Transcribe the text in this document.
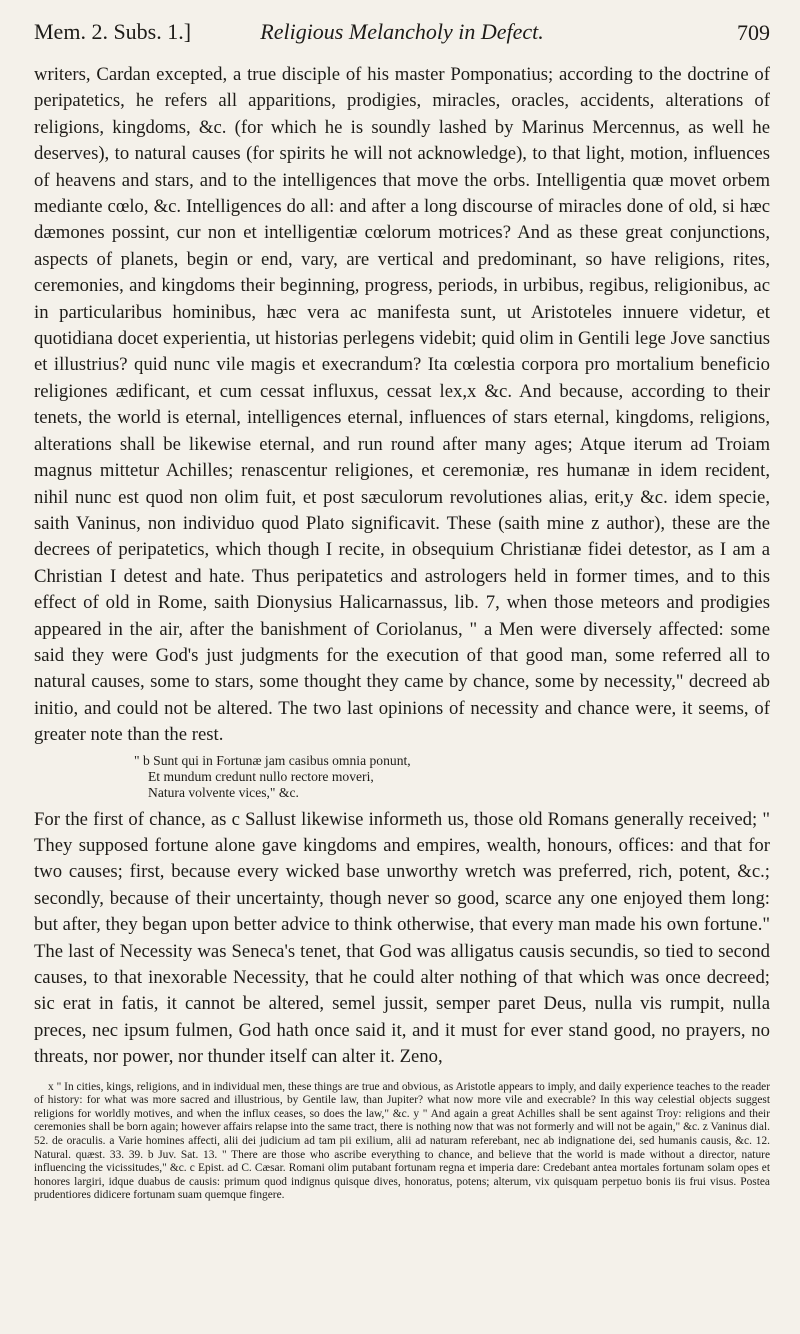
Mem. 2. Subs. 1.]	Religious Melancholy in Defect.	709

writers, Cardan excepted, a true disciple of his master Pomponatius; according to the doctrine of peripatetics, he refers all apparitions, prodigies, miracles, oracles, accidents, alterations of religions, kingdoms, &c. (for which he is soundly lashed by Marinus Mercennus, as well he deserves), to natural causes (for spirits he will not acknowledge), to that light, motion, influences of heavens and stars, and to the intelligences that move the orbs. Intelligentia quæ movet orbem mediante cœlo, &c. Intelligences do all: and after a long discourse of miracles done of old, si hæc dæmones possint, cur non et intelligentiæ cœlorum motrices? And as these great conjunctions, aspects of planets, begin or end, vary, are vertical and predominant, so have religions, rites, ceremonies, and kingdoms their beginning, progress, periods, in urbibus, regibus, religionibus, ac in particularibus hominibus, hæc vera ac manifesta sunt, ut Aristoteles innuere videtur, et quotidiana docet experientia, ut historias perlegens videbit; quid olim in Gentili lege Jove sanctius et illustrius? quid nunc vile magis et execrandum? Ita cœlestia corpora pro mortalium beneficio religiones ædificant, et cum cessat influxus, cessat lex,x &c. And because, according to their tenets, the world is eternal, intelligences eternal, influences of stars eternal, kingdoms, religions, alterations shall be likewise eternal, and run round after many ages; Atque iterum ad Troiam magnus mittetur Achilles; renascentur religiones, et ceremoniæ, res humanæ in idem recident, nihil nunc est quod non olim fuit, et post sæculorum revolutiones alias, erit,y &c. idem specie, saith Vaninus, non individuo quod Plato significavit. These (saith mine z author), these are the decrees of peripatetics, which though I recite, in obsequium Christianæ fidei detestor, as I am a Christian I detest and hate. Thus peripatetics and astrologers held in former times, and to this effect of old in Rome, saith Dionysius Halicarnassus, lib. 7, when those meteors and prodigies appeared in the air, after the banishment of Coriolanus, " a Men were diversely affected: some said they were God's just judgments for the execution of that good man, some referred all to natural causes, some to stars, some thought they came by chance, some by necessity," decreed ab initio, and could not be altered. The two last opinions of necessity and chance were, it seems, of greater note than the rest.

" b Sunt qui in Fortunæ jam casibus omnia ponunt,
Et mundum credunt nullo rectore moveri,
Natura volvente vices," &c.

For the first of chance, as c Sallust likewise informeth us, those old Romans generally received; " They supposed fortune alone gave kingdoms and empires, wealth, honours, offices: and that for two causes; first, because every wicked base unworthy wretch was preferred, rich, potent, &c.; secondly, because of their uncertainty, though never so good, scarce any one enjoyed them long: but after, they began upon better advice to think otherwise, that every man made his own fortune." The last of Necessity was Seneca's tenet, that God was alligatus causis secundis, so tied to second causes, to that inexorable Necessity, that he could alter nothing of that which was once decreed; sic erat in fatis, it cannot be altered, semel jussit, semper paret Deus, nulla vis rumpit, nulla preces, nec ipsum fulmen, God hath once said it, and it must for ever stand good, no prayers, no threats, nor power, nor thunder itself can alter it. Zeno,

x " In cities, kings, religions, and in individual men, these things are true and obvious, as Aristotle appears to imply, and daily experience teaches to the reader of history: for what was more sacred and illustrious, by Gentile law, than Jupiter? what now more vile and execrable? In this way celestial objects suggest religions for worldly motives, and when the influx ceases, so does the law," &c. y " And again a great Achilles shall be sent against Troy: religions and their ceremonies shall be born again; however affairs relapse into the same tract, there is nothing now that was not formerly and will not be again," &c. z Vaninus dial. 52. de oraculis. a Varie homines affecti, alii dei judicium ad tam pii exilium, alii ad naturam referebant, nec ab indignatione dei, sed humanis causis, &c. 12. Natural. quæst. 33. 39. b Juv. Sat. 13. " There are those who ascribe everything to chance, and believe that the world is made without a director, nature influencing the vicissitudes," &c. c Epist. ad C. Cæsar. Romani olim putabant fortunam regna et imperia dare: Credebant antea mortales fortunam solam opes et honores largiri, idque duabus de causis: primum quod indignus quisque dives, honoratus, potens; alterum, vix quisquam perpetuo bonis iis frui visus. Postea prudentiores didicere fortunam suam quemque fingere.
